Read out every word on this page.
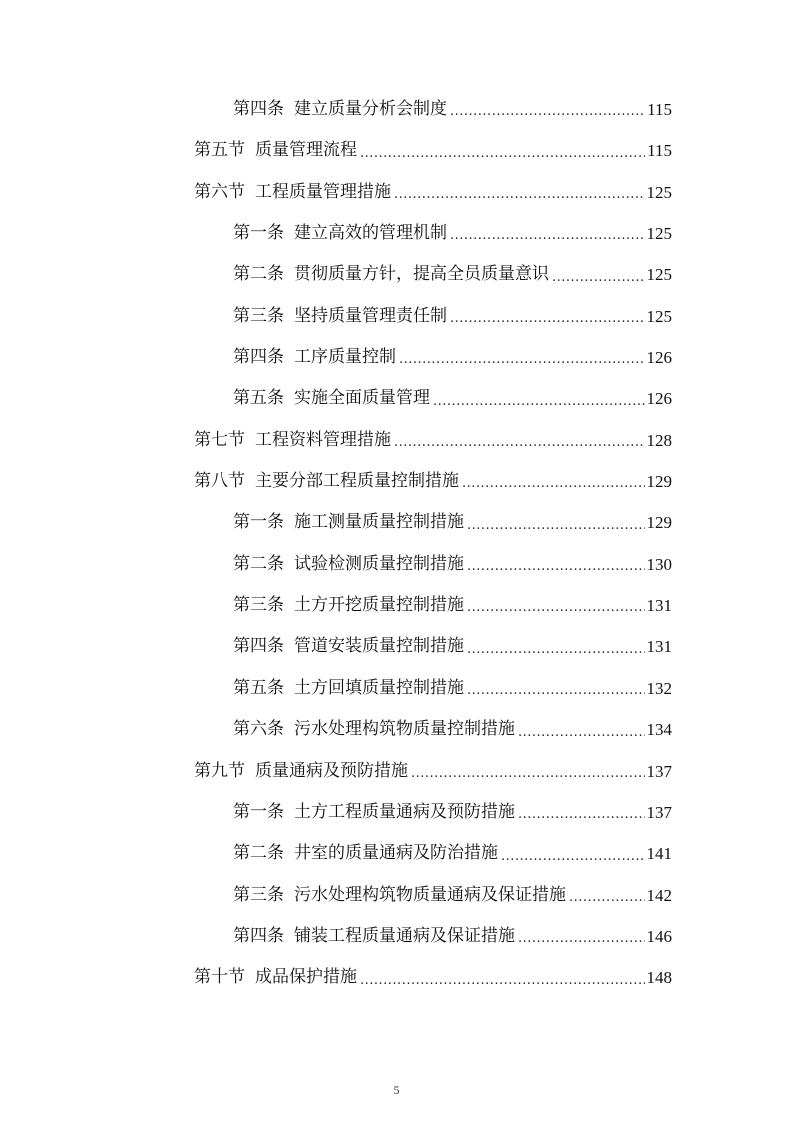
第四条 建立质量分析会制度 .....	115
第五节 质量管理流程 .....	115
第六节 工程质量管理措施 .....	125
第一条 建立高效的管理机制 .....	125
第二条 贯彻质量方针，提高全员质量意识 .....	125
第三条 坚持质量管理责任制 .....	125
第四条 工序质量控制 .....	126
第五条 实施全面质量管理 .....	126
第七节 工程资料管理措施 .....	128
第八节 主要分部工程质量控制措施 .....	129
第一条 施工测量质量控制措施 .....	129
第二条 试验检测质量控制措施 .....	130
第三条 土方开挖质量控制措施 .....	131
第四条 管道安装质量控制措施 .....	131
第五条 土方回填质量控制措施 .....	132
第六条 污水处理构筑物质量控制措施 .....	134
第九节 质量通病及预防措施 .....	137
第一条 土方工程质量通病及预防措施 .....	137
第二条 井室的质量通病及防治措施 .....	141
第三条 污水处理构筑物质量通病及保证措施 .....	142
第四条 铺装工程质量通病及保证措施 .....	146
第十节 成品保护措施 .....	148
5
